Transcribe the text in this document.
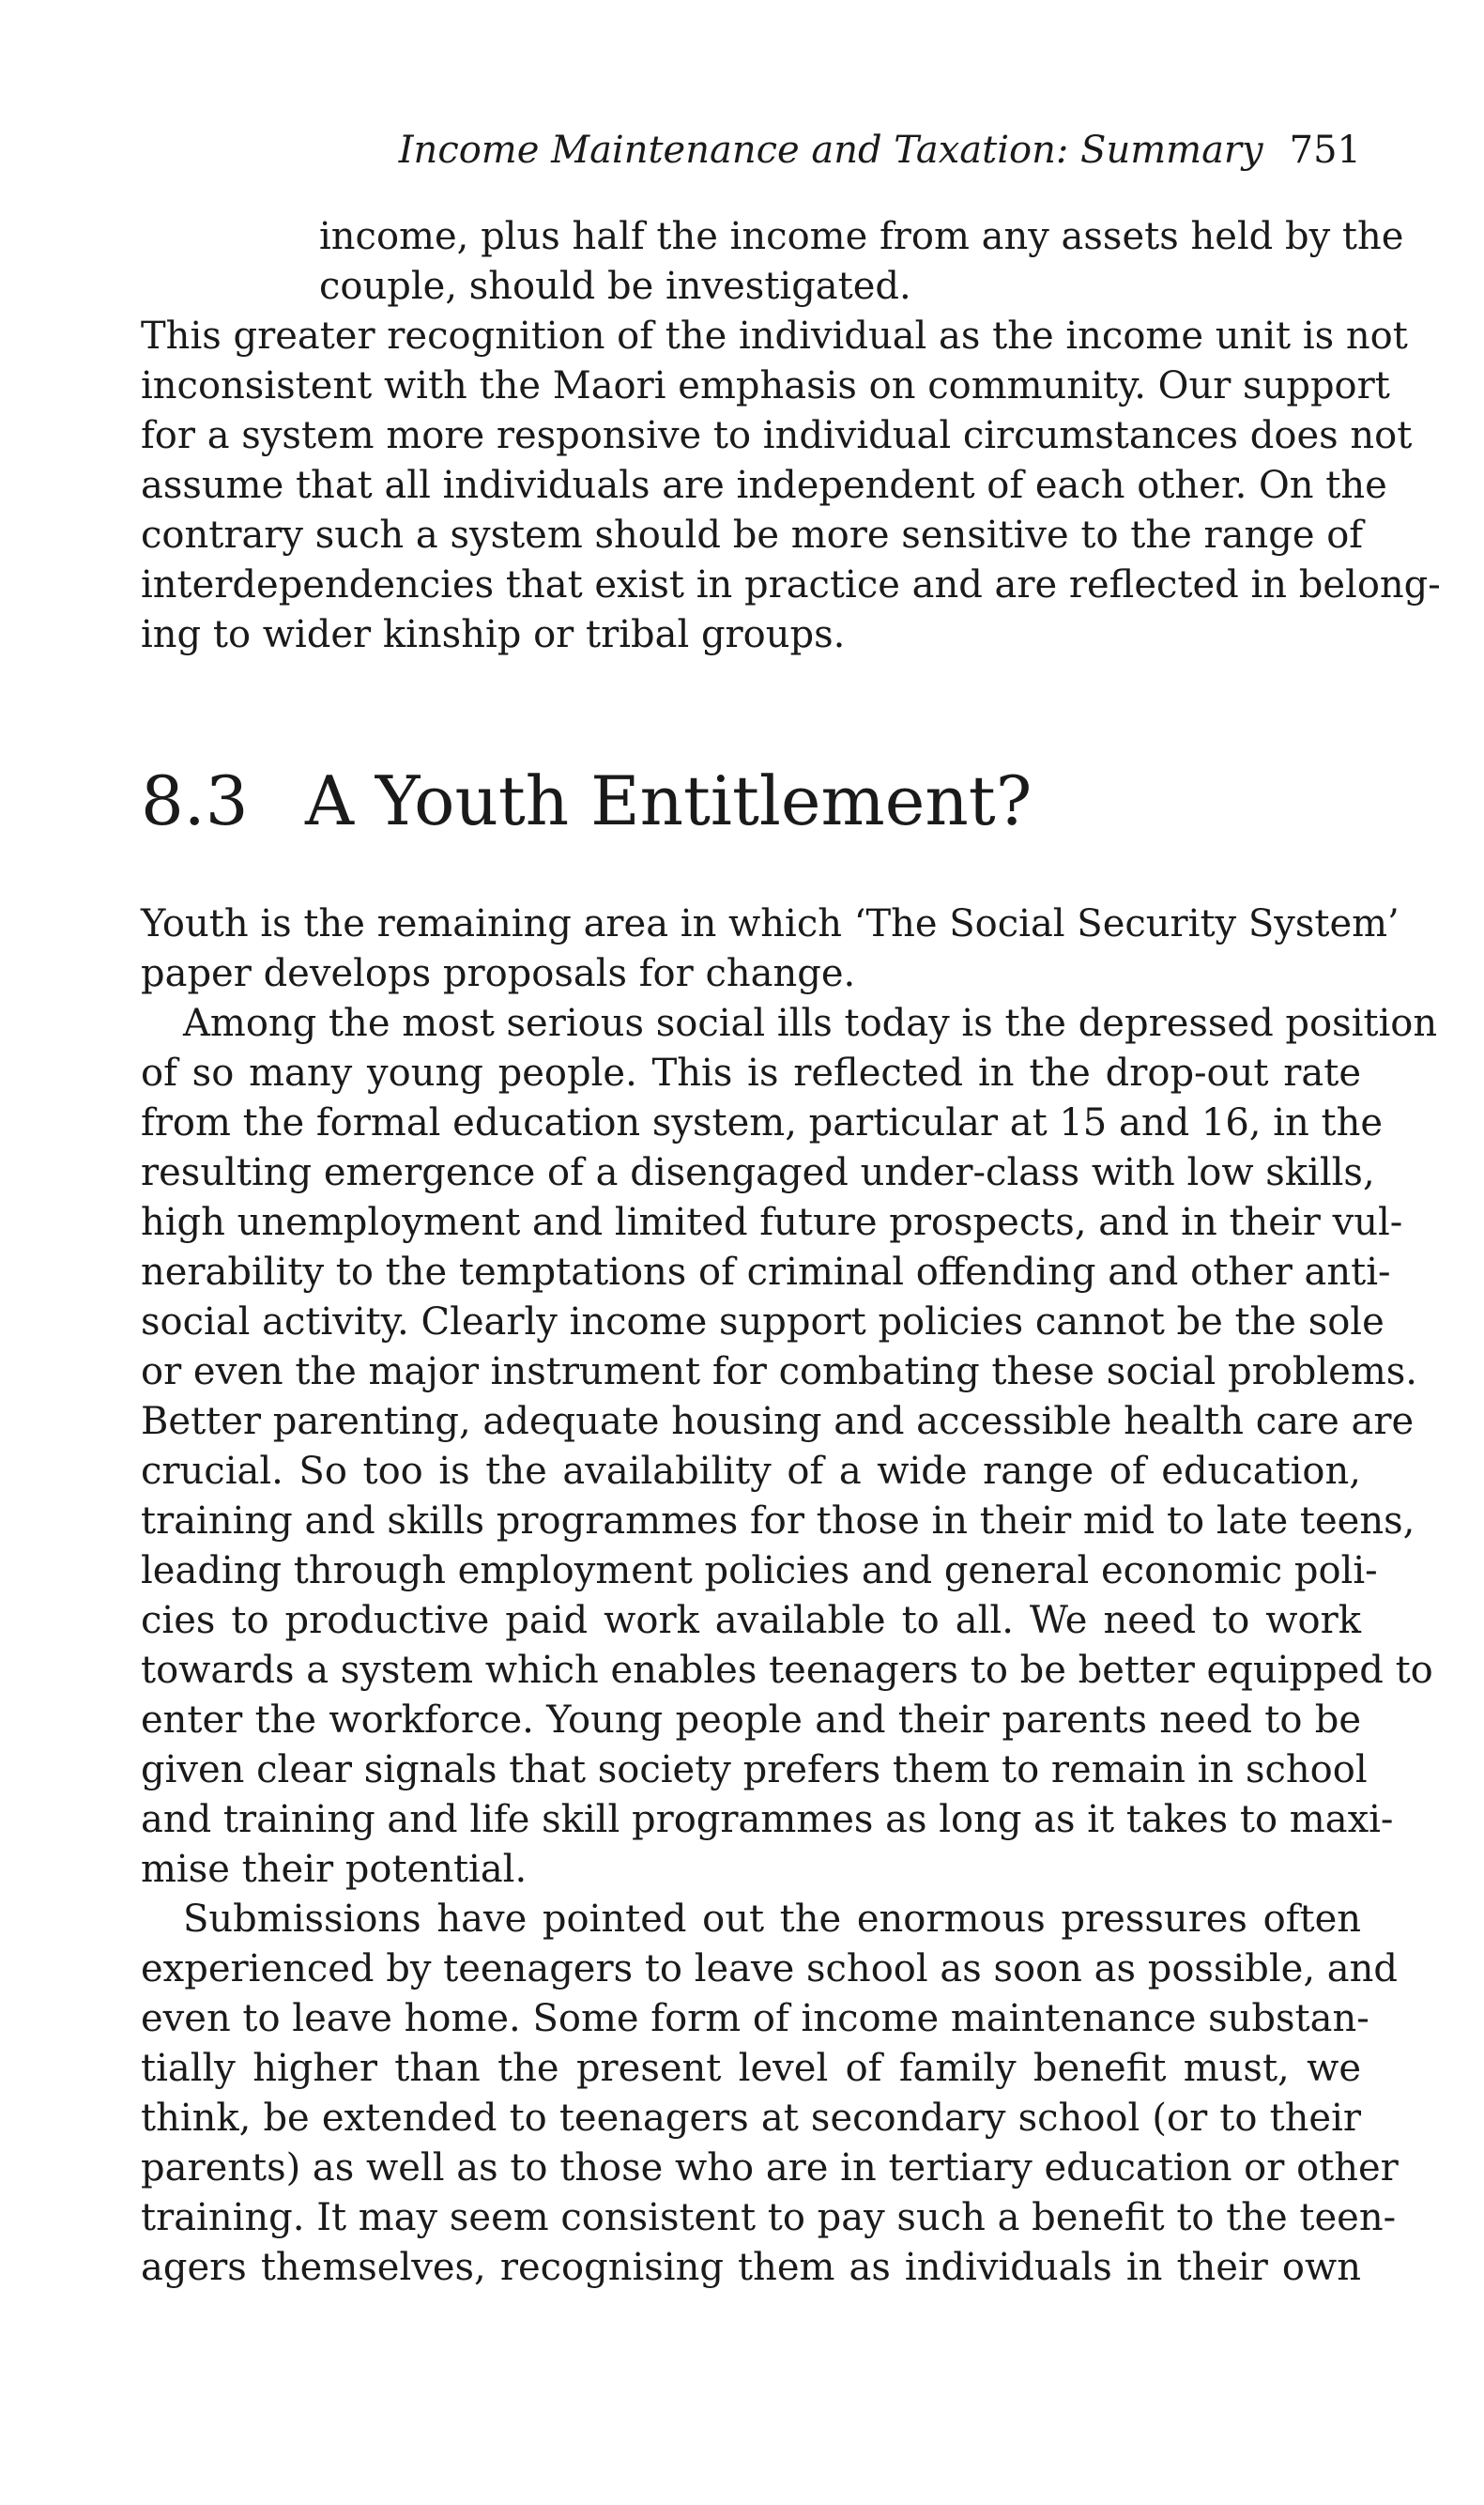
Income Maintenance and Taxation: Summary 751
income, plus half the income from any assets held by the
couple, should be investigated.
This greater recognition of the individual as the income unit is not
inconsistent with the Maori emphasis on community. Our support
for a system more responsive to individual circumstances does not
assume that all individuals are independent of each other. On the
contrary such a system should be more sensitive to the range of
interdependencies that exist in practice and are reflected in belong-
ing to wider kinship or tribal groups.
8.3 A Youth Entitlement?
Youth is the remaining area in which ‘The Social Security System’
paper develops proposals for change.
Among the most serious social ills today is the depressed position
of so many young people. This is reflected in the drop-out rate
from the formal education system, particular at 15 and 16, in the
resulting emergence of a disengaged under-class with low skills,
high unemployment and limited future prospects, and in their vul-
nerability to the temptations of criminal offending and other anti-
social activity. Clearly income support policies cannot be the sole
or even the major instrument for combating these social problems.
Better parenting, adequate housing and accessible health care are
crucial. So too is the availability of a wide range of education,
training and skills programmes for those in their mid to late teens,
leading through employment policies and general economic poli-
cies to productive paid work available to all. We need to work
towards a system which enables teenagers to be better equipped to
enter the workforce. Young people and their parents need to be
given clear signals that society prefers them to remain in school
and training and life skill programmes as long as it takes to maxi-
mise their potential.
Submissions have pointed out the enormous pressures often
experienced by teenagers to leave school as soon as possible, and
even to leave home. Some form of income maintenance substan-
tially higher than the present level of family benefit must, we
think, be extended to teenagers at secondary school (or to their
parents) as well as to those who are in tertiary education or other
training. It may seem consistent to pay such a benefit to the teen-
agers themselves, recognising them as individuals in their own
